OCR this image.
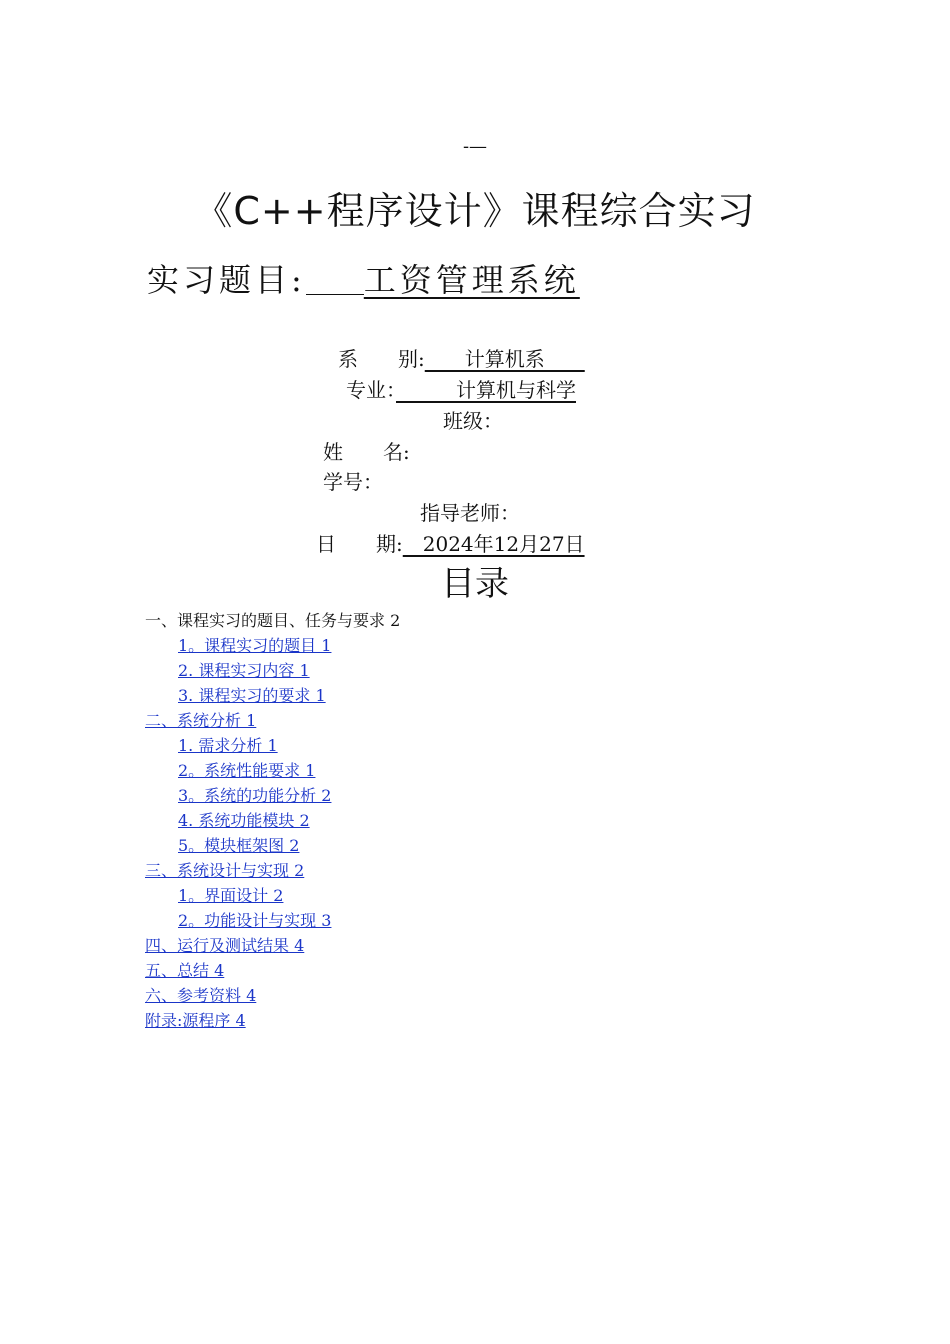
-—
《C++程序设计》课程综合实习
实习题目: 工资管理系统
系　　别:　　计算机系　　
专业：　　　计算机与科学
班级：
姓　　名:
学号：
指导老师：
日　　期:　2024年12月27日
目录
一、课程实习的题目、任务与要求 2
1。课程实习的题目 1
2. 课程实习内容 1
3. 课程实习的要求 1
二、系统分析 1
1. 需求分析 1
2。系统性能要求 1
3。系统的功能分析 2
4. 系统功能模块 2
5。模块框架图 2
三、系统设计与实现 2
1。界面设计 2
2。功能设计与实现 3
四、运行及测试结果 4
五、总结 4
六、参考资料 4
附录:源程序 4
